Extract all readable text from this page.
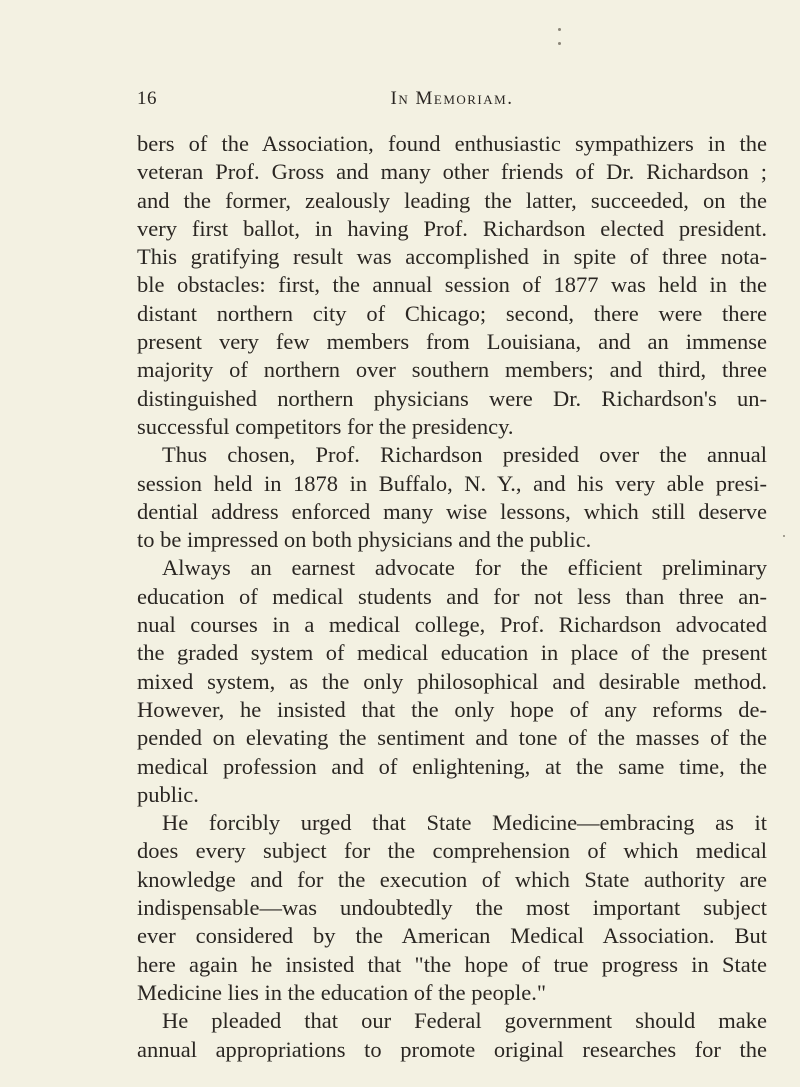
16	In Memoriam.
bers of the Association, found enthusiastic sympathizers in the
veteran Prof. Gross and many other friends of Dr. Richardson ;
and the former, zealously leading the latter, succeeded, on the
very first ballot, in having Prof. Richardson elected president.
This gratifying result was accomplished in spite of three nota-
ble obstacles: first, the annual session of 1877 was held in the
distant northern city of Chicago; second, there were there
present very few members from Louisiana, and an immense
majority of northern over southern members; and third, three
distinguished northern physicians were Dr. Richardson's un-
successful competitors for the presidency.
Thus chosen, Prof. Richardson presided over the annual
session held in 1878 in Buffalo, N. Y., and his very able presi-
dential address enforced many wise lessons, which still deserve
to be impressed on both physicians and the public.
Always an earnest advocate for the efficient preliminary
education of medical students and for not less than three an-
nual courses in a medical college, Prof. Richardson advocated
the graded system of medical education in place of the present
mixed system, as the only philosophical and desirable method.
However, he insisted that the only hope of any reforms de-
pended on elevating the sentiment and tone of the masses of the
medical profession and of enlightening, at the same time, the
public.
He forcibly urged that State Medicine—embracing as it
does every subject for the comprehension of which medical
knowledge and for the execution of which State authority are
indispensable—was undoubtedly the most important subject
ever considered by the American Medical Association. But
here again he insisted that "the hope of true progress in State
Medicine lies in the education of the people."
He pleaded that our Federal government should make
annual appropriations to promote original researches for the
